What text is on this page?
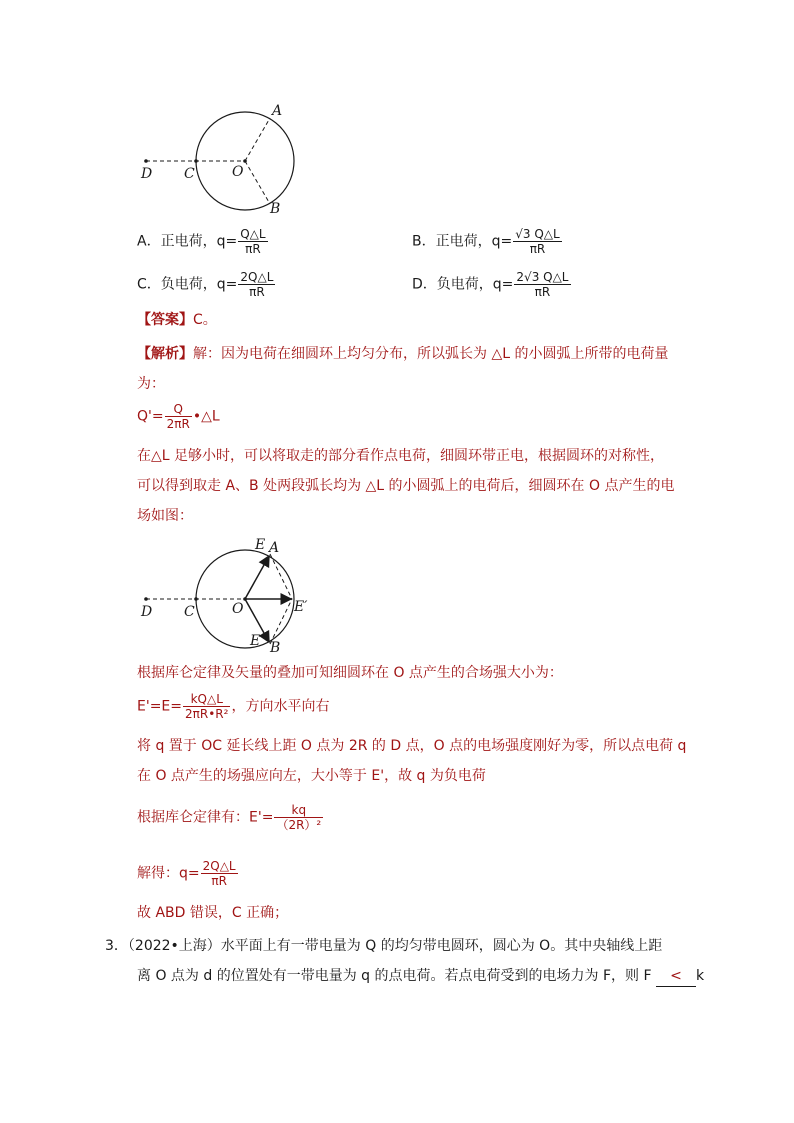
A
B
C
D	O
A．正电荷，$q= \frac{Q\triangle L}{\pi R}$	B．正电荷，$q= \frac{√3 Q\triangle L}{\pi R}$
C．负电荷，$q= \frac{2Q\triangle L}{\pi R}$	D．负电荷，$q= \frac{2√3 Q\triangle L}{\pi R}$
【答案】C。
【解析】解：因为电荷在细圆环上均匀分布，所以弧长为 △L 的小圆弧上所带的电荷量
为：
$Q'= \frac{Q}{2\pi R}$ •△L
在△L 足够小时，可以将取走的部分看作点电荷，细圆环带正电，根据圆环的对称性，
可以得到取走 A、B 处两段弧长均为 △L 的小圆弧上的电荷后，细圆环在 O 点产生的电
场如图：
E A
E B
E′
C
D	O
根据库仑定律及矢量的叠加可知细圆环在 O 点产生的合场强大小为：
$E'=E= \frac{kQ\triangle L}{\text{2πR•R²}}$ ，方向水平向右
将 q 置于 OC 延长线上距 O 点为 2R 的 D 点，O 点的电场强度刚好为零，所以点电荷 q
在 O 点产生的场强应向左，大小等于 E'，故 q 为负电荷
根据库仑定律有：$E'= \frac{kq}{\text{（2R）²}}$
解得：$q= \frac{2Q\triangle L}{\pi R}$
故 ABD 错误，C 正确；
3．（2022•上海）水平面上有一带电量为 Q 的均匀带电圆环，圆心为 O。其中央轴线上距
离 O 点为 d 的位置处有一带电量为 q 的点电荷。若点电荷受到的电场力为 F，则 F < k
